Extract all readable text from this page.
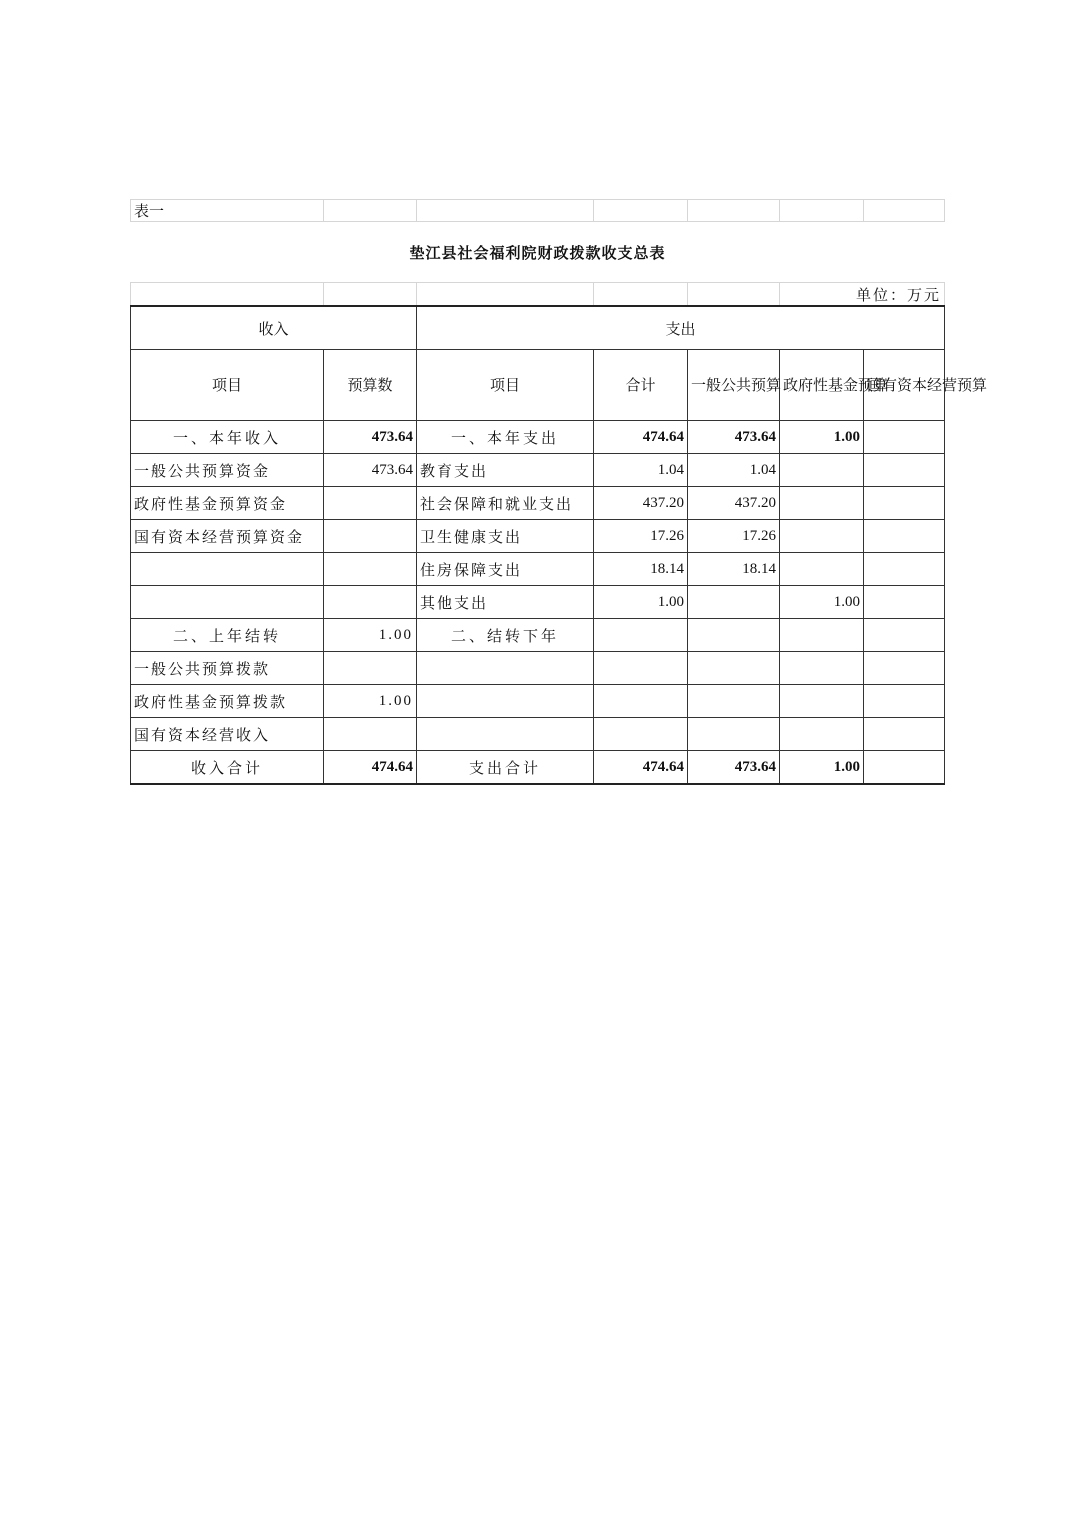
表一						
垫江县社会福利院财政拨款收支总表						
					单位：万元	
收入		支出				
项目	预算数	项目	合计	一般公共预算	政府性基金预算	国有资本经营预算
一、本年收入	473.64	一、本年支出	474.64	473.64	1.00	
一般公共预算资金	473.64	教育支出	1.04	1.04		
政府性基金预算资金		社会保障和就业支出	437.20	437.20		
国有资本经营预算资金		卫生健康支出	17.26	17.26		
		住房保障支出	18.14	18.14		
		其他支出	1.00		1.00	
二、上年结转	1.00	二、结转下年				
一般公共预算拨款						
政府性基金预算拨款	1.00					
国有资本经营收入						
收入合计	474.64	支出合计	474.64	473.64	1.00	
